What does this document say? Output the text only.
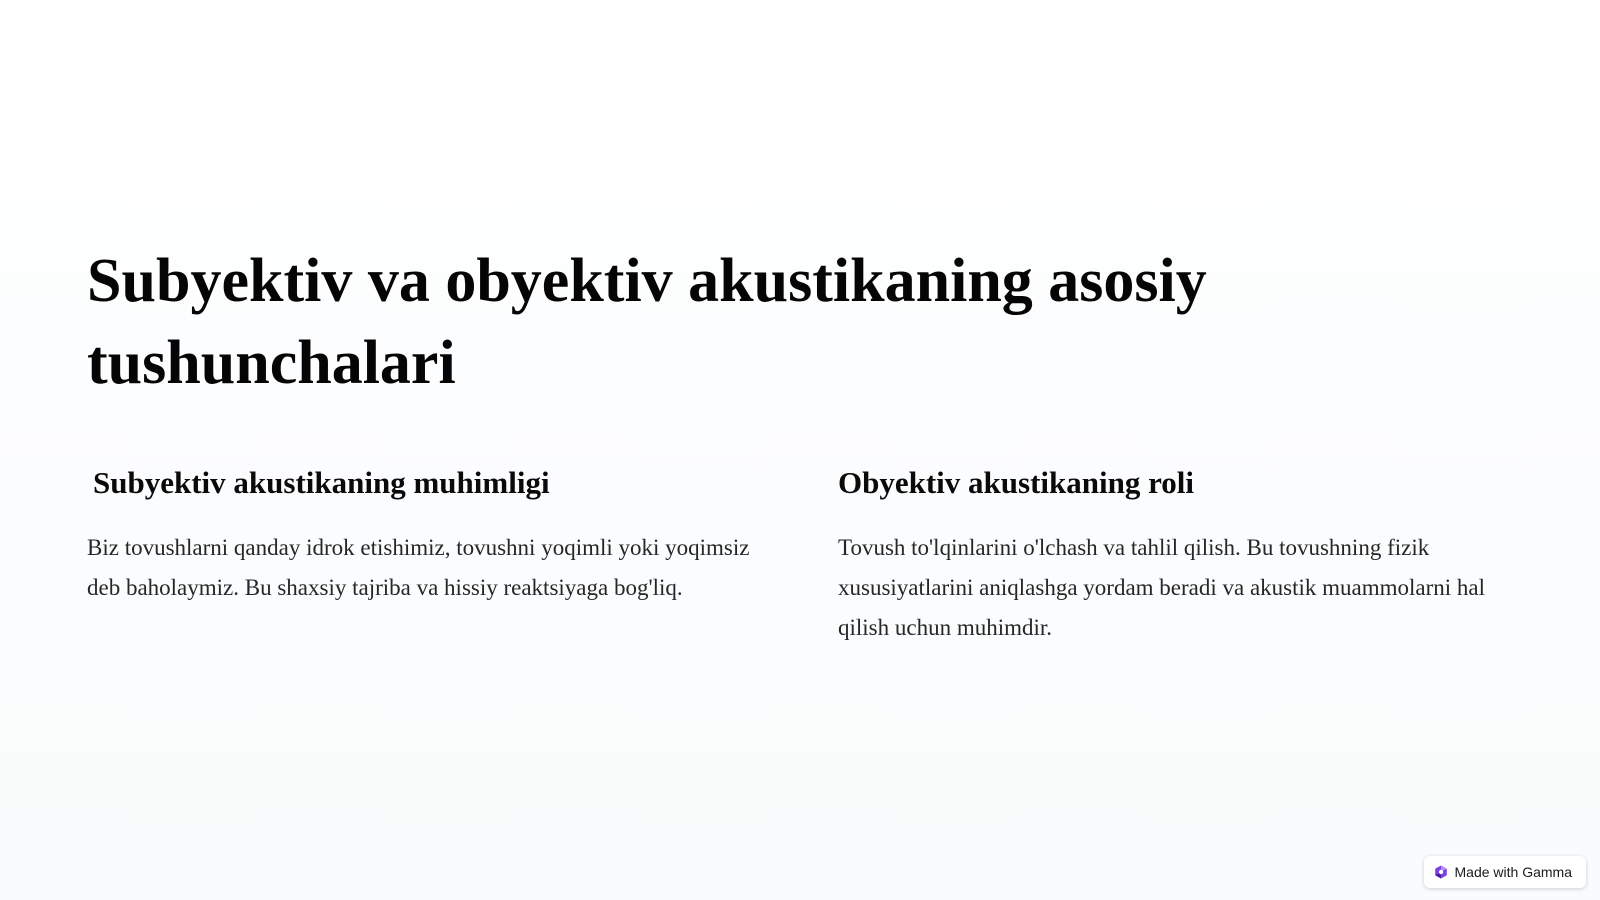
Subyektiv va obyektiv akustikaning asosiy tushunchalari
Subyektiv akustikaning muhimligi

Biz tovushlarni qanday idrok etishimiz, tovushni yoqimli yoki yoqimsiz deb baholaymiz. Bu shaxsiy tajriba va hissiy reaktsiyaga bog'liq.

Obyektiv akustikaning roli

Tovush to'lqinlarini o'lchash va tahlil qilish. Bu tovushning fizik xususiyatlarini aniqlashga yordam beradi va akustik muammolarni hal qilish uchun muhimdir.

Made with Gamma
